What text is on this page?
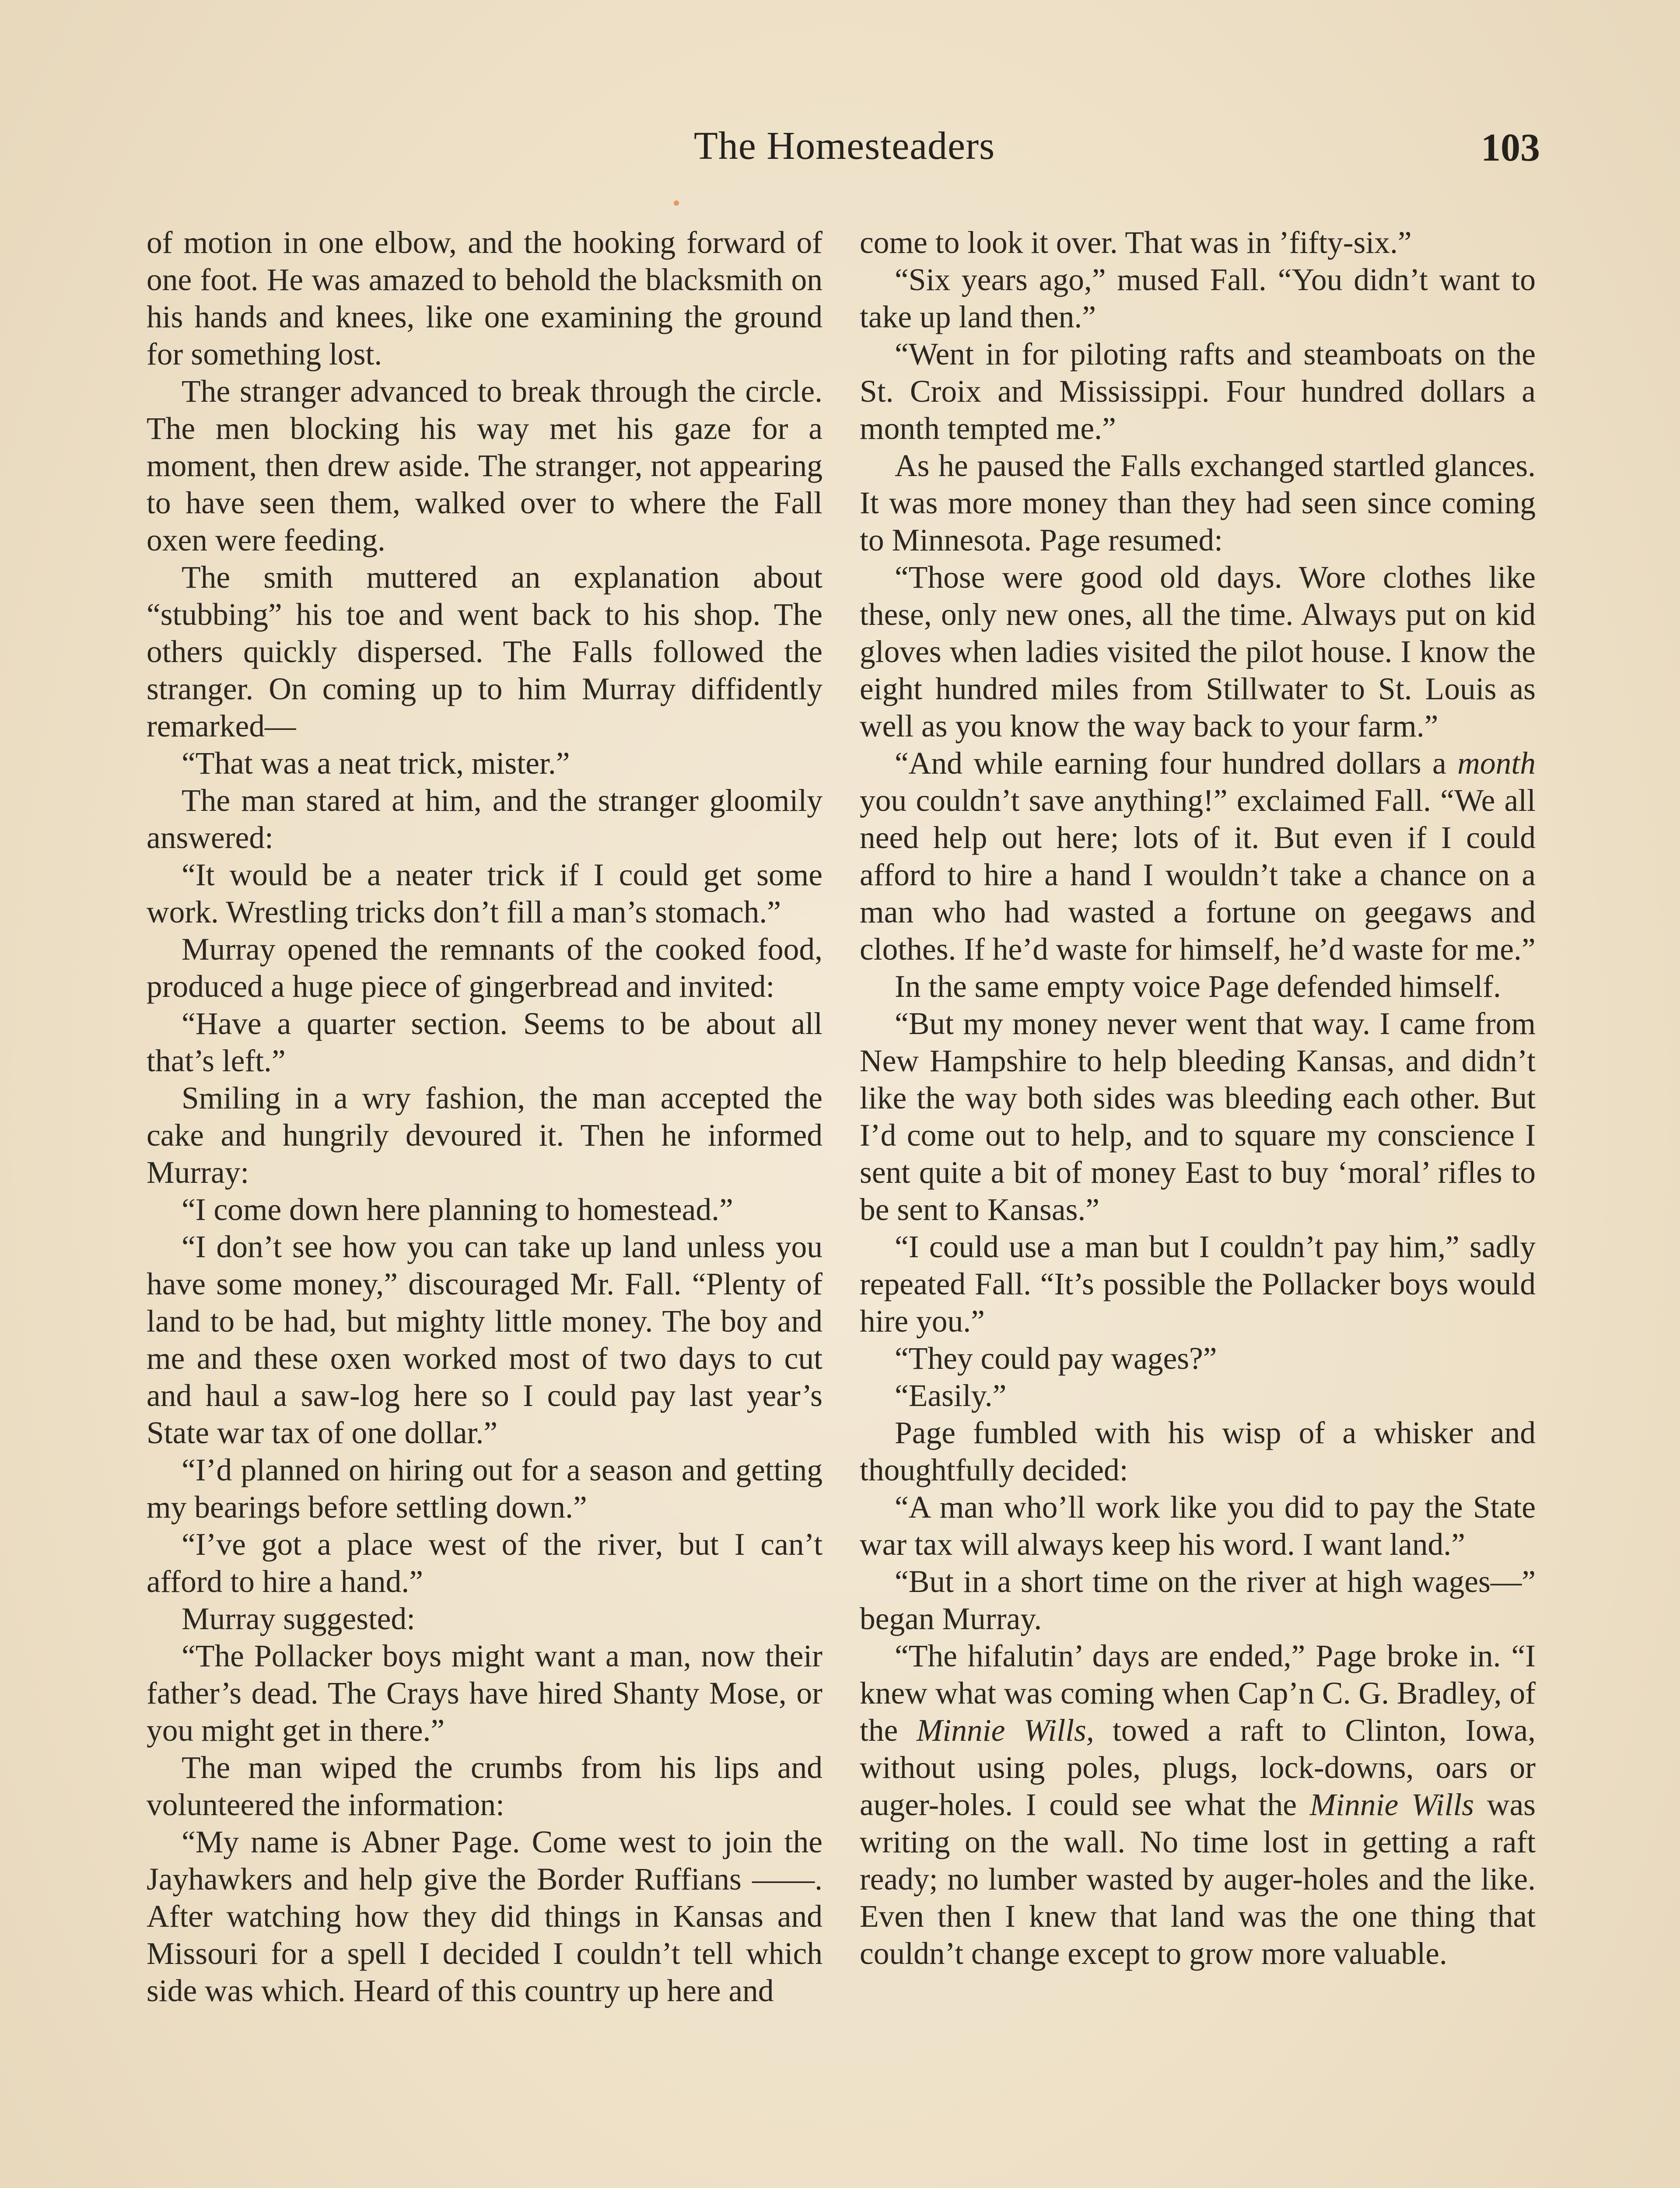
The Homesteaders	103

of motion in one elbow, and the hooking forward of one foot. He was amazed to behold the blacksmith on his hands and knees, like one examining the ground for something lost.

The stranger advanced to break through the circle. The men blocking his way met his gaze for a moment, then drew aside. The stranger, not appearing to have seen them, walked over to where the Fall oxen were feeding.

The smith muttered an explanation about “stubbing” his toe and went back to his shop. The others quickly dispersed. The Falls followed the stranger. On coming up to him Murray diffidently remarked—

“That was a neat trick, mister.”

The man stared at him, and the stranger gloomily answered:

“It would be a neater trick if I could get some work. Wrestling tricks don’t fill a man’s stomach.”

Murray opened the remnants of the cooked food, produced a huge piece of gingerbread and invited:

“Have a quarter section. Seems to be about all that’s left.”

Smiling in a wry fashion, the man accepted the cake and hungrily devoured it. Then he informed Murray:

“I come down here planning to homestead.”

“I don’t see how you can take up land unless you have some money,” discouraged Mr. Fall. “Plenty of land to be had, but mighty little money. The boy and me and these oxen worked most of two days to cut and haul a saw-log here so I could pay last year’s State war tax of one dollar.”

“I’d planned on hiring out for a season and getting my bearings before settling down.”

“I’ve got a place west of the river, but I can’t afford to hire a hand.”

Murray suggested:

“The Pollacker boys might want a man, now their father’s dead. The Crays have hired Shanty Mose, or you might get in there.”

The man wiped the crumbs from his lips and volunteered the information:

“My name is Abner Page. Come west to join the Jayhawkers and help give the Border Ruffians ——. After watching how they did things in Kansas and Missouri for a spell I decided I couldn’t tell which side was which. Heard of this country up here and

come to look it over. That was in ’fifty-six.”

“Six years ago,” mused Fall. “You didn’t want to take up land then.”

“Went in for piloting rafts and steamboats on the St. Croix and Mississippi. Four hundred dollars a month tempted me.”

As he paused the Falls exchanged startled glances. It was more money than they had seen since coming to Minnesota. Page resumed:

“Those were good old days. Wore clothes like these, only new ones, all the time. Always put on kid gloves when ladies visited the pilot house. I know the eight hundred miles from Stillwater to St. Louis as well as you know the way back to your farm.”

“And while earning four hundred dollars a month you couldn’t save anything!” exclaimed Fall. “We all need help out here; lots of it. But even if I could afford to hire a hand I wouldn’t take a chance on a man who had wasted a fortune on geegaws and clothes. If he’d waste for himself, he’d waste for me.”

In the same empty voice Page defended himself.

“But my money never went that way. I came from New Hampshire to help bleeding Kansas, and didn’t like the way both sides was bleeding each other. But I’d come out to help, and to square my conscience I sent quite a bit of money East to buy ‘moral’ rifles to be sent to Kansas.”

“I could use a man but I couldn’t pay him,” sadly repeated Fall. “It’s possible the Pollacker boys would hire you.”

“They could pay wages?”

“Easily.”

Page fumbled with his wisp of a whisker and thoughtfully decided:

“A man who’ll work like you did to pay the State war tax will always keep his word. I want land.”

“But in a short time on the river at high wages—” began Murray.

“The hifalutin’ days are ended,” Page broke in. “I knew what was coming when Cap’n C. G. Bradley, of the Minnie Wills, towed a raft to Clinton, Iowa, without using poles, plugs, lock-downs, oars or auger-holes. I could see what the Minnie Wills was writing on the wall. No time lost in getting a raft ready; no lumber wasted by auger-holes and the like. Even then I knew that land was the one thing that couldn’t change except to grow more valuable.
